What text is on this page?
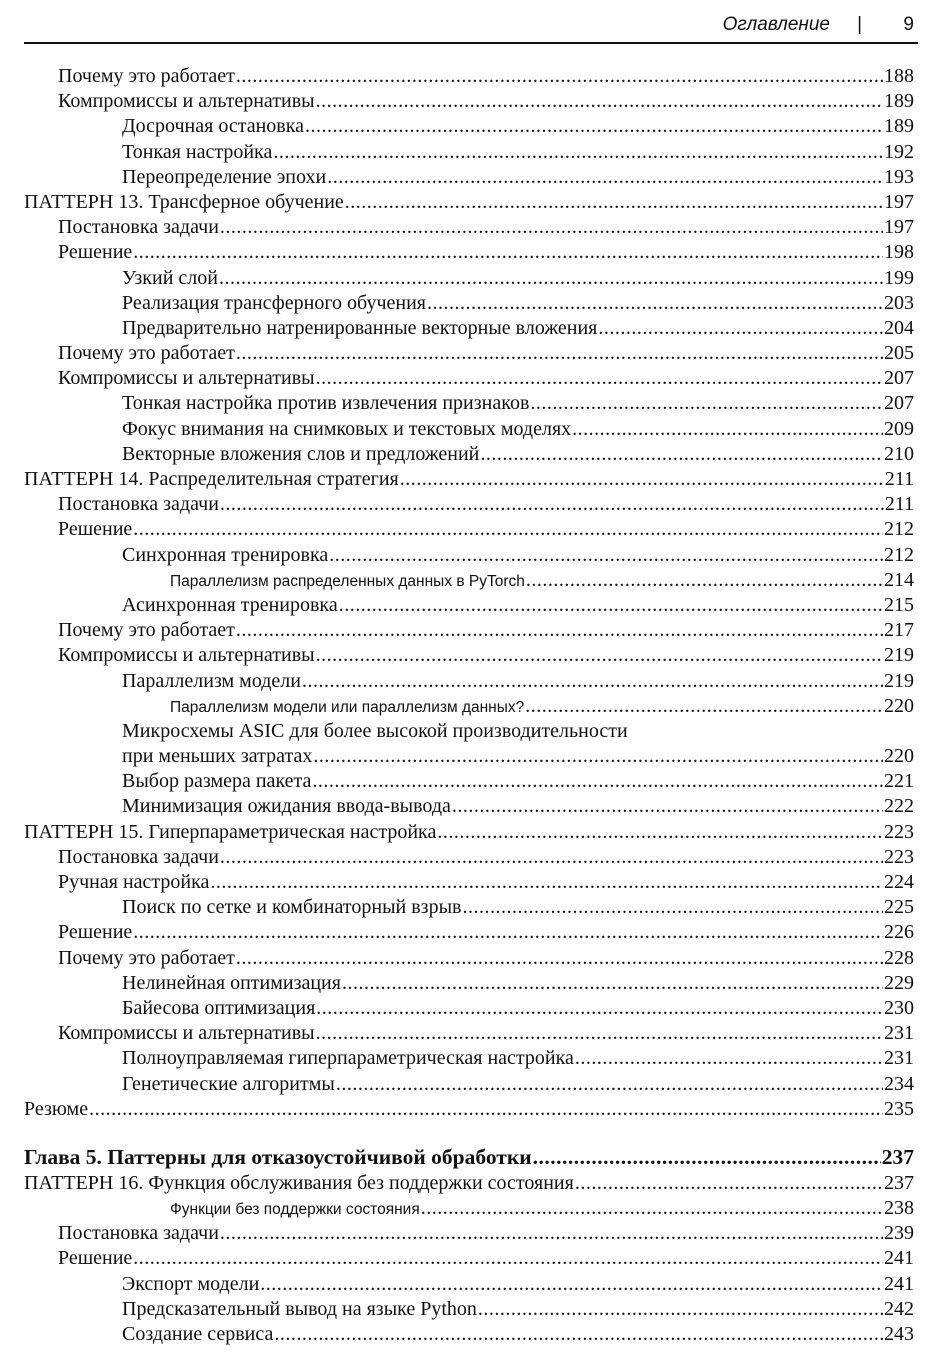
Оглавление | 9
Почему это работает .....	188
Компромиссы и альтернативы .....	189
Досрочная остановка .....	189
Тонкая настройка .....	192
Переопределение эпохи .....	193
ПАТТЕРН 13. Трансферное обучение .....	197
Постановка задачи .....	197
Решение .....	198
Узкий слой .....	199
Реализация трансферного обучения .....	203
Предварительно натренированные векторные вложения .....	204
Почему это работает .....	205
Компромиссы и альтернативы .....	207
Тонкая настройка против извлечения признаков .....	207
Фокус внимания на снимковых и текстовых моделях .....	209
Векторные вложения слов и предложений .....	210
ПАТТЕРН 14. Распределительная стратегия .....	211
Постановка задачи .....	211
Решение .....	212
Синхронная тренировка .....	212
Параллелизм распределенных данных в PyTorch .....	214
Асинхронная тренировка .....	215
Почему это работает .....	217
Компромиссы и альтернативы .....	219
Параллелизм модели .....	219
Параллелизм модели или параллелизм данных? .....	220
Микросхемы ASIC для более высокой производительности
при меньших затратах .....	220
Выбор размера пакета .....	221
Минимизация ожидания ввода-вывода .....	222
ПАТТЕРН 15. Гиперпараметрическая настройка .....	223
Постановка задачи .....	223
Ручная настройка .....	224
Поиск по сетке и комбинаторный взрыв .....	225
Решение .....	226
Почему это работает .....	228
Нелинейная оптимизация .....	229
Байесова оптимизация .....	230
Компромиссы и альтернативы .....	231
Полноуправляемая гиперпараметрическая настройка .....	231
Генетические алгоритмы .....	234
Резюме .....	235
Глава 5. Паттерны для отказоустойчивой обработки .....	237
ПАТТЕРН 16. Функция обслуживания без поддержки состояния .....	237
Функции без поддержки состояния .....	238
Постановка задачи .....	239
Решение .....	241
Экспорт модели .....	241
Предсказательный вывод на языке Python .....	242
Создание сервиса .....	243
